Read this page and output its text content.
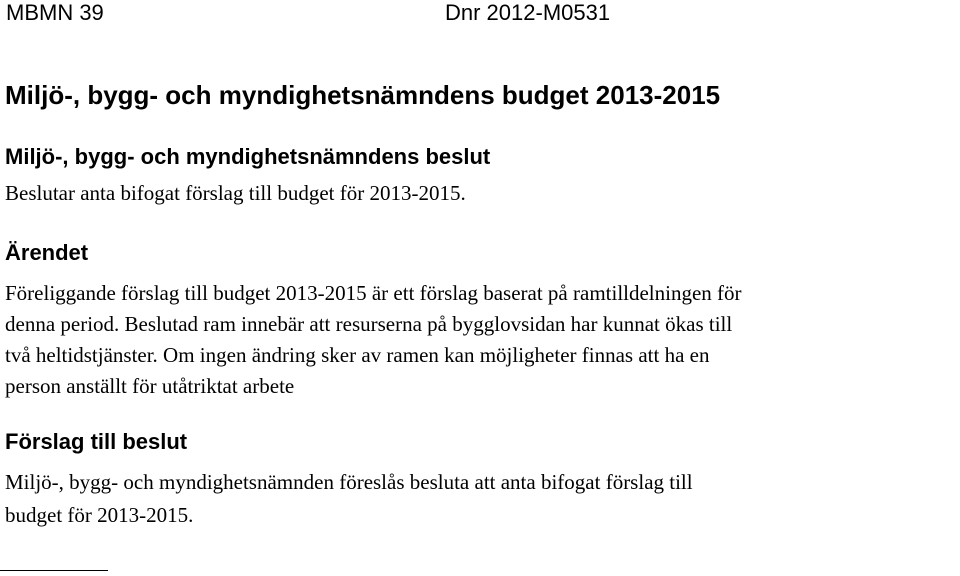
MBMN 39	Dnr 2012-M0531
Miljö-, bygg- och myndighetsnämndens budget 2013-2015
Miljö-, bygg- och myndighetsnämndens beslut
Beslutar anta bifogat förslag till budget för 2013-2015.
Ärendet
Föreliggande förslag till budget 2013-2015 är ett förslag baserat på ramtilldelningen för
denna period. Beslutad ram innebär att resurserna på bygglovsidan har kunnat ökas till
två heltidstjänster. Om ingen ändring sker av ramen kan möjligheter finnas att ha en
person anställt för utåtriktat arbete
Förslag till beslut
Miljö-, bygg- och myndighetsnämnden föreslås besluta att anta bifogat förslag till
budget för 2013-2015.
